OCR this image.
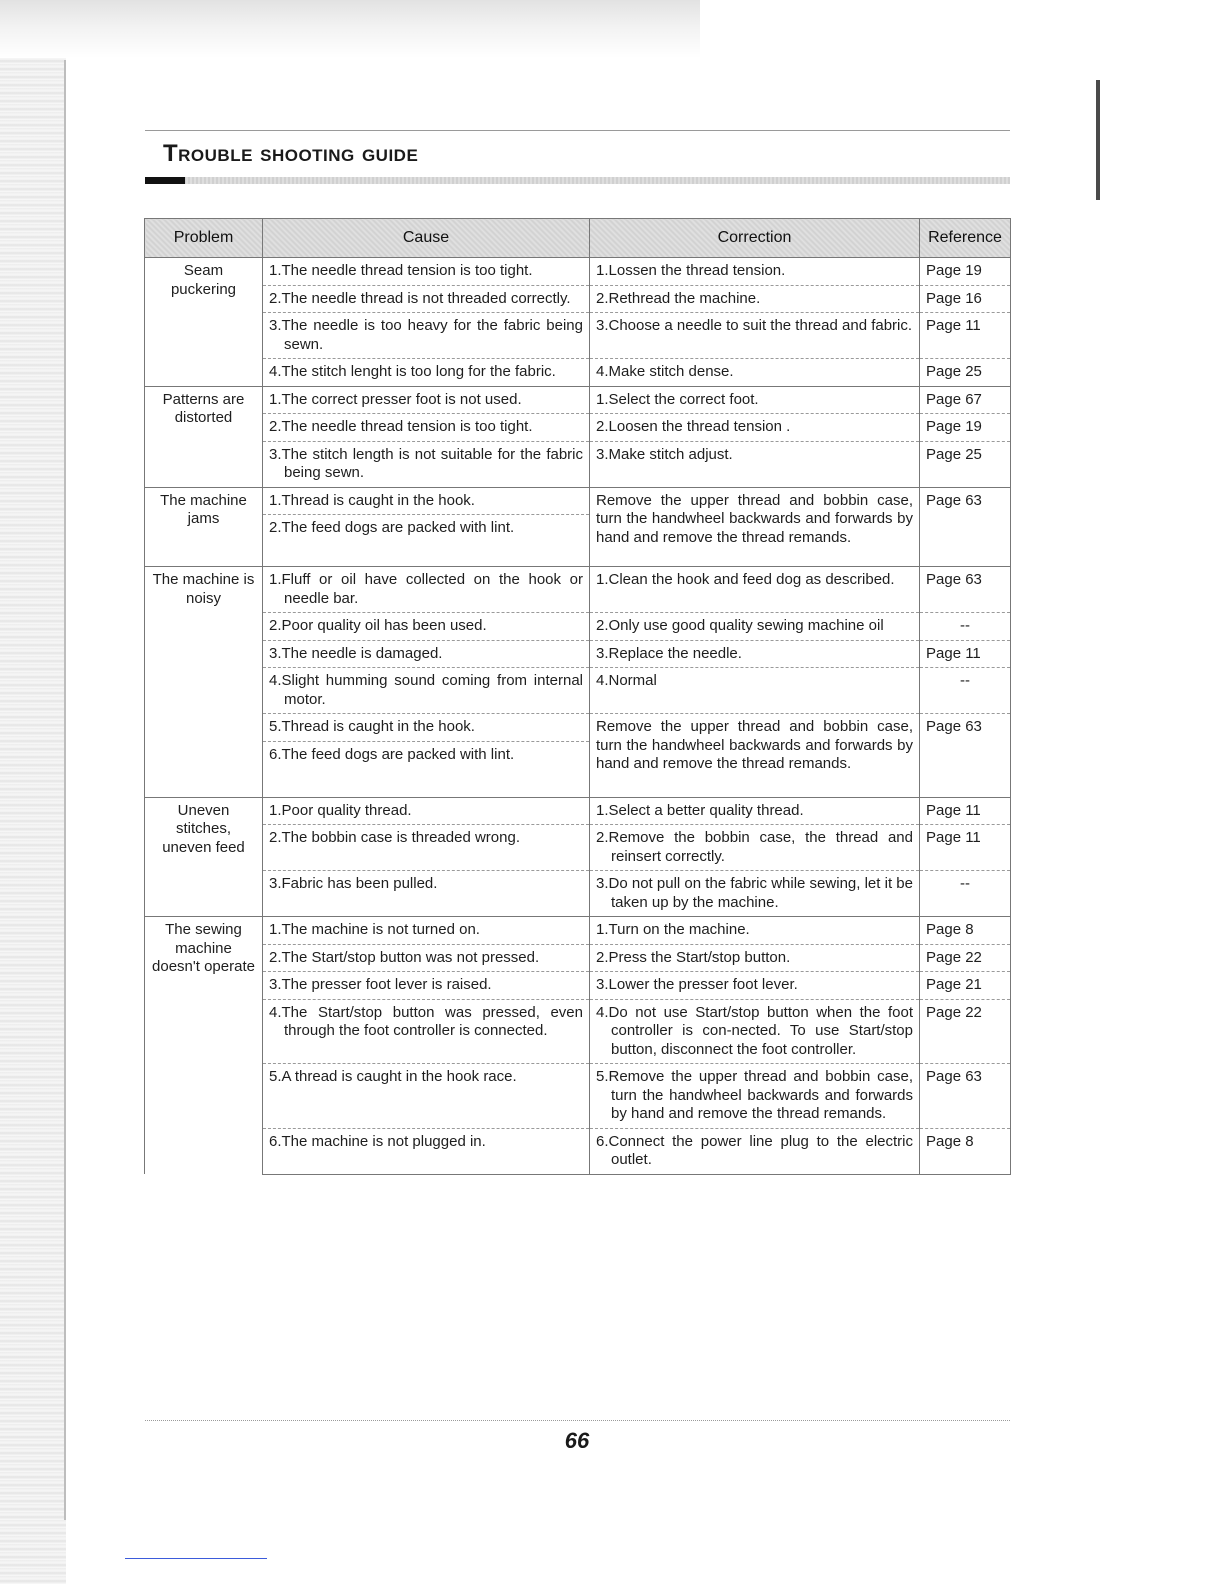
Trouble shooting guide
Problem	Cause	Correction	Reference
Seam puckering	1.The needle thread tension is too tight.	1.Lossen the thread tension.	Page 19

	2.The needle thread is not threaded correctly.	2.Rethread the machine.	Page 16

	3.The needle is too heavy for the fabric being sewn.	3.Choose a needle to suit the thread and fabric.	Page 11

	4.The stitch lenght is too long for the fabric.	4.Make stitch dense.	Page 25
Patterns are distorted	1.The correct presser foot is not used.	1.Select the correct foot.	Page 67

	2.The needle thread tension is too tight.	2.Loosen the thread tension .	Page 19

	3.The stitch length is not suitable for the fabric being sewn.	3.Make stitch adjust.	Page 25
The machine jams	1.Thread is caught in the hook.	Remove the upper thread and bobbin case, turn the handwheel backwards and forwards by hand and remove the thread remands.	Page 63

	2.The feed dogs are packed with lint.		

The machine is noisy	1.Fluff or oil have collected on the hook or needle bar.	1.Clean the hook and feed dog as described.	Page 63

	2.Poor quality oil has been used.	2.Only use good quality sewing machine oil	--

	3.The needle is damaged.	3.Replace the needle.	Page 11

	4.Slight humming sound coming from internal motor.	4.Normal	--

	5.Thread is caught in the hook.	Remove the upper thread and bobbin case, turn the handwheel backwards and forwards by hand and remove the thread remands.	Page 63

	6.The feed dogs are packed with lint.		

Uneven stitches, uneven feed	1.Poor quality thread.	1.Select a better quality thread.	Page 11

	2.The bobbin case is threaded wrong.	2.Remove the bobbin case, the thread and reinsert correctly.	Page 11

	3.Fabric has been pulled.	3.Do not pull on the fabric while sewing, let it be taken up by the machine.	--
The sewing machine doesn't operate	1.The machine is not turned on.	1.Turn on the machine.	Page 8

	2.The Start/stop button was not pressed.	2.Press the Start/stop button.	Page 22

	3.The presser foot lever is raised.	3.Lower the presser foot lever.	Page 21

	4.The Start/stop button was pressed, even through the foot controller is connected.	4.Do not use Start/stop button when the foot controller is con-nected. To use Start/stop button, disconnect the foot controller.	Page 22

	5.A thread is caught in the hook race.	5.Remove the upper thread and bobbin case, turn the handwheel backwards and forwards by hand and remove the thread remands.	Page 63

	6.The machine is not plugged in.	6.Connect the power line plug to the electric outlet.	Page 8

66
